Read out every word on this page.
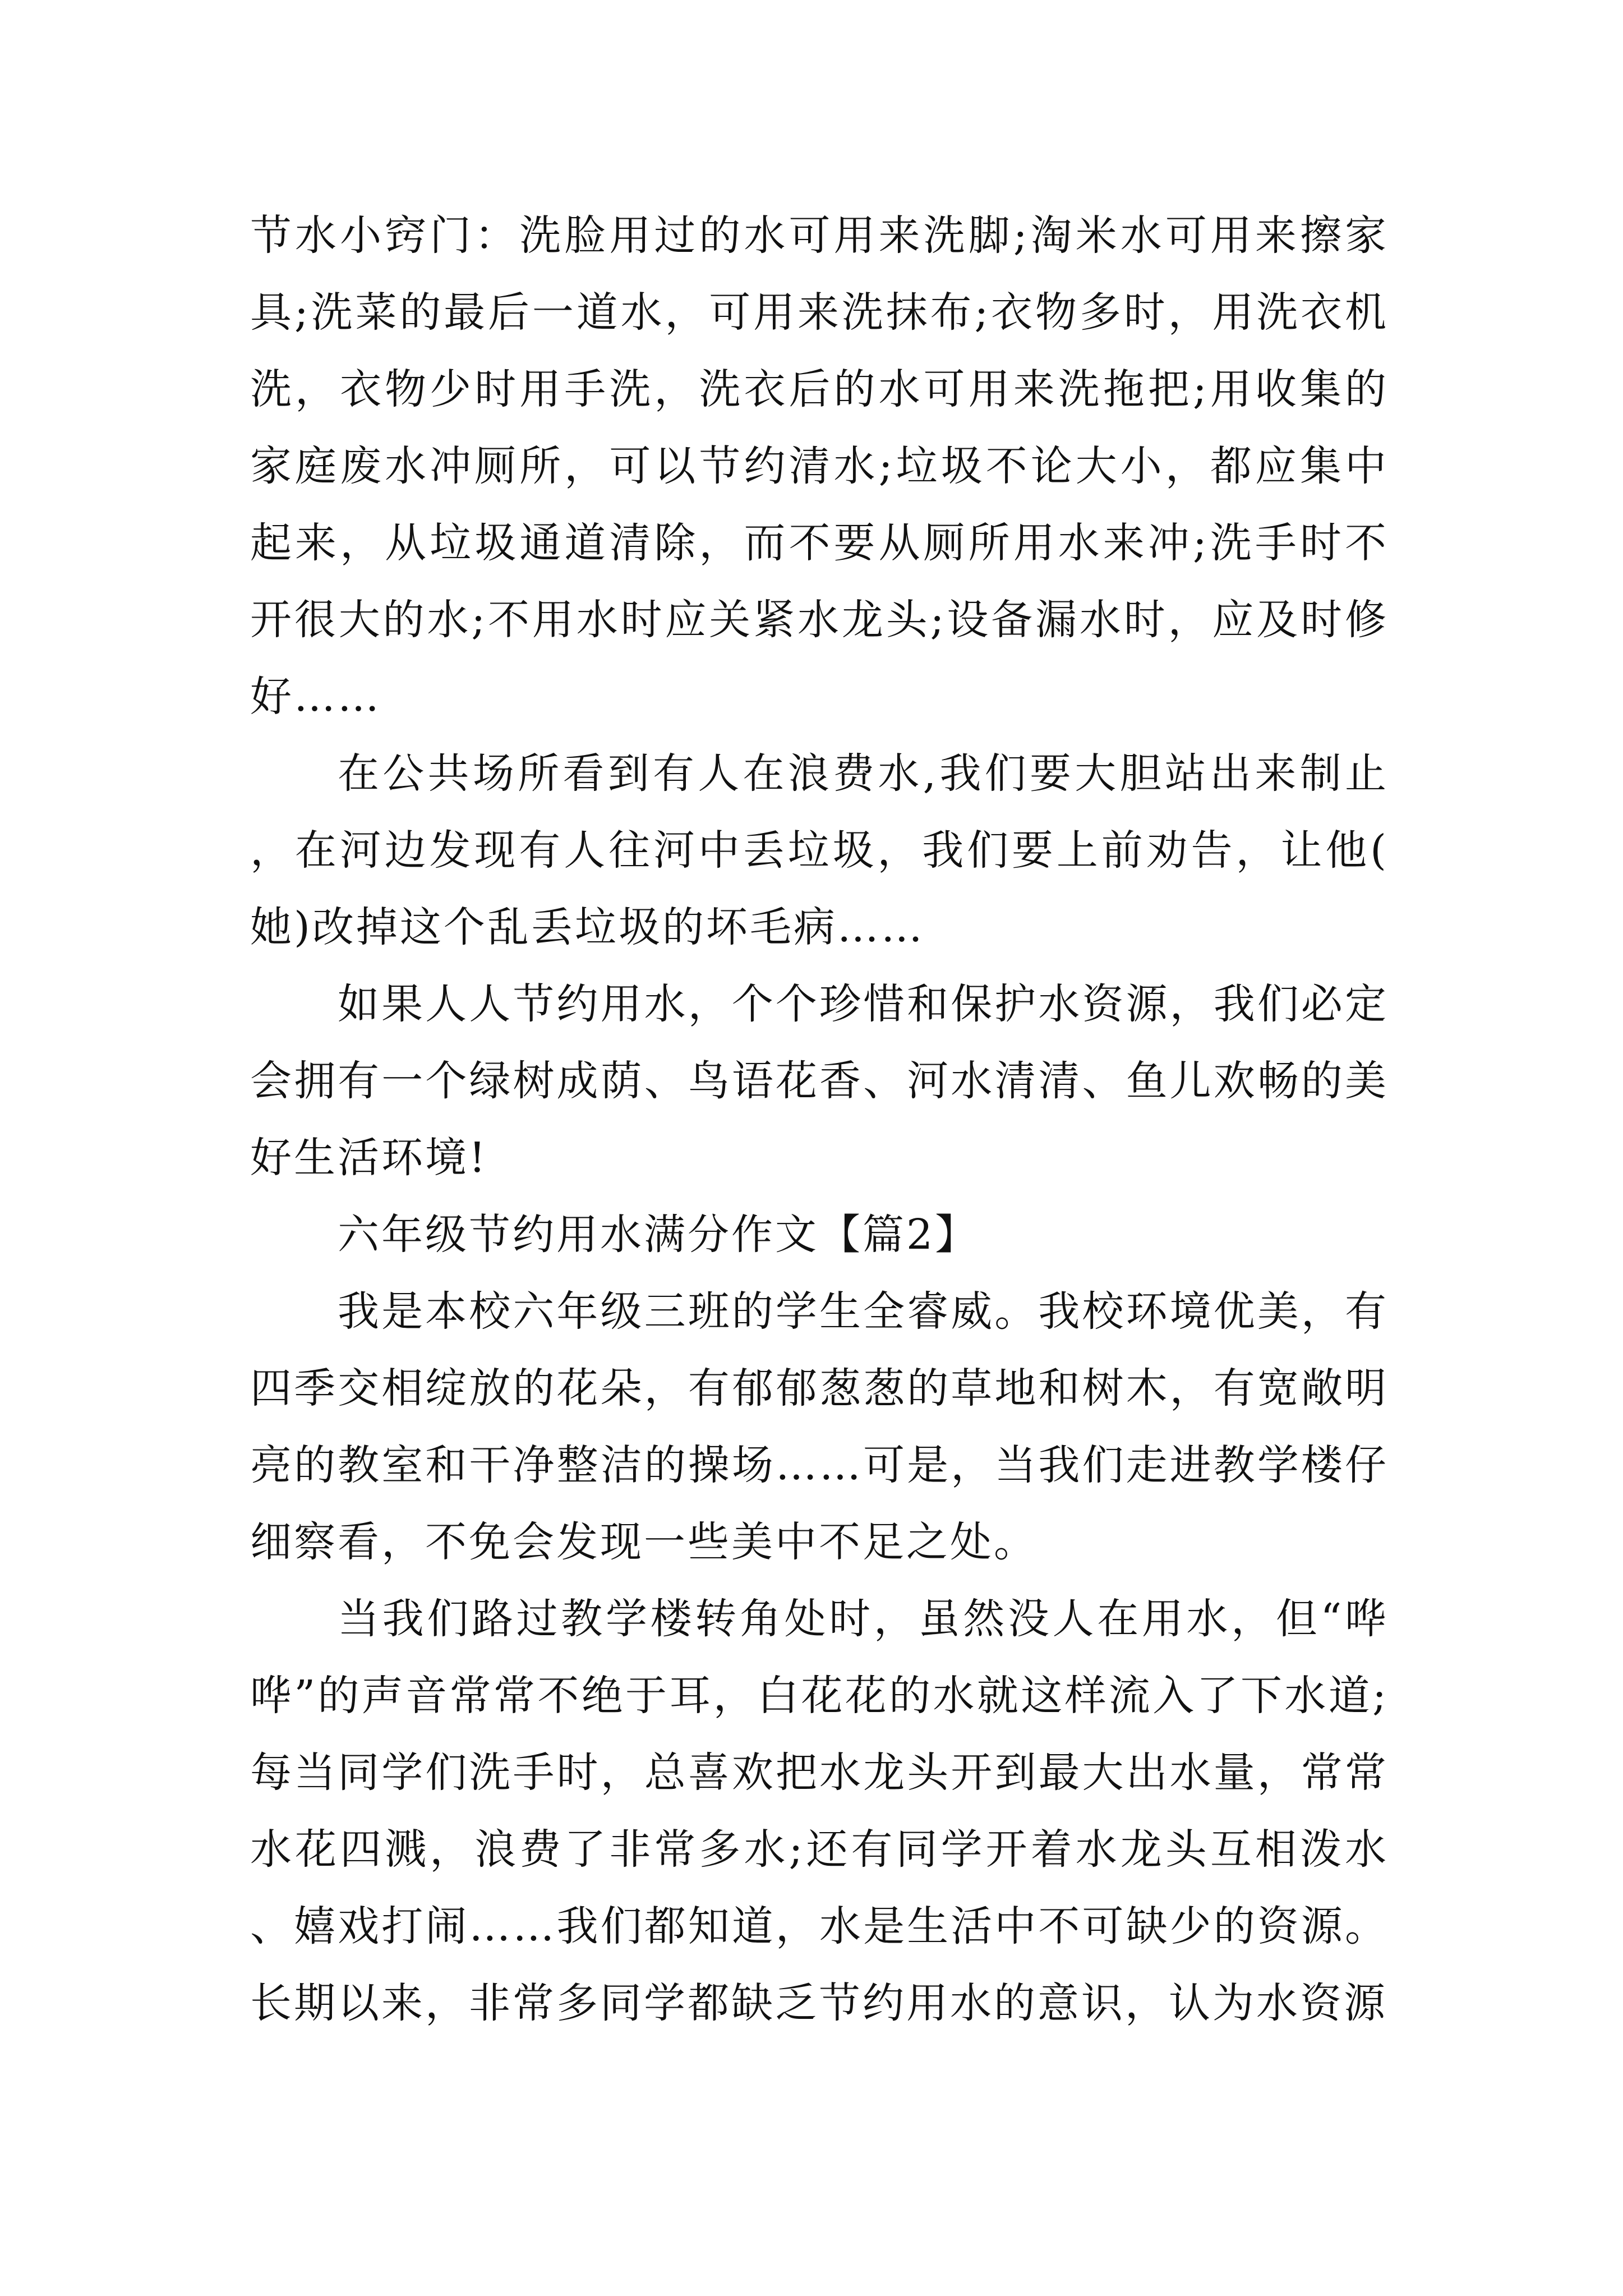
节水小窍门：洗脸用过的水可用来洗脚;淘米水可用来擦家具;洗菜的最后一道水，可用来洗抹布;衣物多时，用洗衣机洗，衣物少时用手洗，洗衣后的水可用来洗拖把;用收集的家庭废水冲厕所，可以节约清水;垃圾不论大小，都应集中起来，从垃圾通道清除，而不要从厕所用水来冲;洗手时不开很大的水;不用水时应关紧水龙头;设备漏水时，应及时修好……

在公共场所看到有人在浪费水,我们要大胆站出来制止，在河边发现有人往河中丢垃圾，我们要上前劝告，让他(她)改掉这个乱丢垃圾的坏毛病……

如果人人节约用水，个个珍惜和保护水资源，我们必定会拥有一个绿树成荫、鸟语花香、河水清清、鱼儿欢畅的美好生活环境!

六年级节约用水满分作文【篇2】

我是本校六年级三班的学生全睿威。我校环境优美，有四季交相绽放的花朵，有郁郁葱葱的草地和树木，有宽敞明亮的教室和干净整洁的操场……可是，当我们走进教学楼仔细察看，不免会发现一些美中不足之处。

当我们路过教学楼转角处时，虽然没人在用水，但“哗哗”的声音常常不绝于耳，白花花的水就这样流入了下水道;每当同学们洗手时，总喜欢把水龙头开到最大出水量，常常水花四溅，浪费了非常多水;还有同学开着水龙头互相泼水、嬉戏打闹……我们都知道，水是生活中不可缺少的资源。长期以来，非常多同学都缺乏节约用水的意识，认为水资源
